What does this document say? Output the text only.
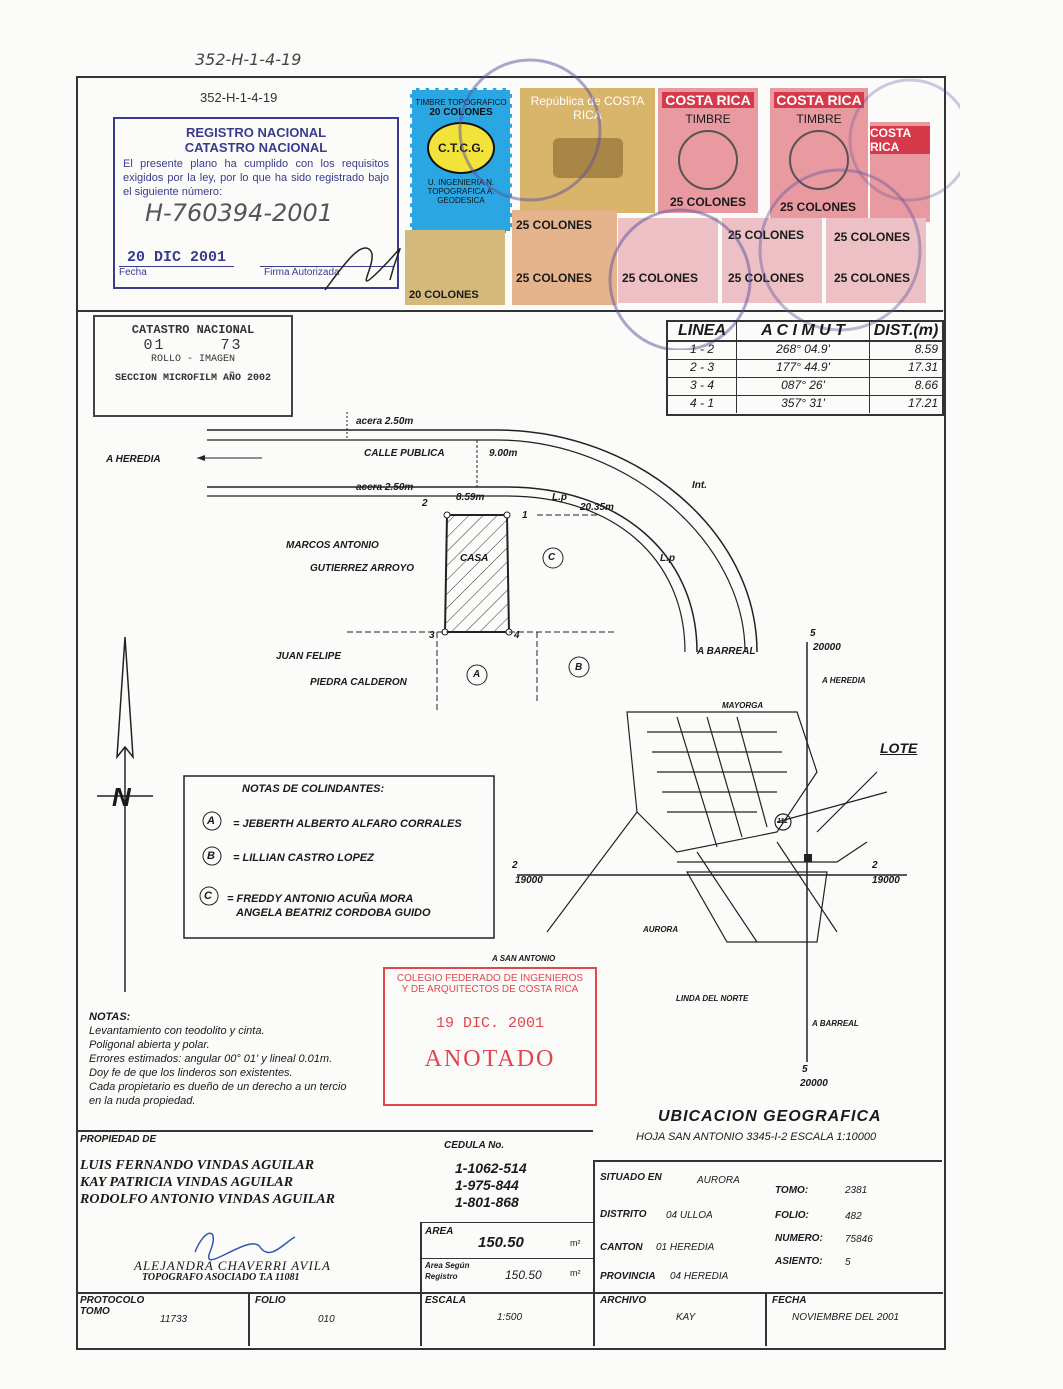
352-H-1-4-19
352-H-1-4-19
REGISTRO NACIONAL
CATASTRO NACIONAL
El presente plano ha cumplido con los requisitos exigidos por la ley, por lo que ha sido registrado bajo el siguiente número:
H-760394-2001
20 DIC 2001
Fecha	Firma Autorizada
TIMBRE TOPOGRAFICO
20 COLONES
C.T.C.G.
U. INGENIERIA N. TOPOGRAFICA A. GEODESICA
20 COLONES
República de COSTA RICA
25 COLONES
25 COLONES
COSTA RICA
TIMBRE
25 COLONES
COSTA RICA
TIMBRE
25 COLONES
COSTA RICA
25 COLONES
25 COLONES
25 COLONES
25 COLONES
25 COLONES
CATASTRO NACIONAL
01	73
ROLLO - IMAGEN
SECCION MICROFILM AÑO 2002
LINEA	A C I M U T	DIST.(m)
1 - 2	268° 04.9'	8.59
2 - 3	177° 44.9'	17.31
3 - 4	087° 26'	8.66
4 - 1	357° 31'	17.21
acera 2.50m
CALLE PUBLICA	9.00m
A HEREDIA
acera 2.50m
8.59m	L.p
20.35m
Int.
L.p
2
1
3	4
CASA	C
A
B
MARCOS ANTONIO
GUTIERREZ ARROYO
JUAN FELIPE
PIEDRA CALDERON
N	NOTAS DE COLINDANTES:
A = JEBERTH ALBERTO ALFARO CORRALES
B = LILLIAN CASTRO LOPEZ
C = FREDDY ANTONIO ACUÑA MORA
ANGELA BEATRIZ CORDOBA GUIDO
A BARREAL
5
20000
A HEREDIA
MAYORGA
LOTE
111
2
19000
2
19000
AURORA
A SAN ANTONIO
LINDA DEL NORTE
A BARREAL
5
20000
UBICACION GEOGRAFICA
HOJA SAN ANTONIO 3345-I-2 ESCALA 1:10000
NOTAS:
Levantamiento con teodolito y cinta.
Poligonal abierta y polar.
Errores estimados: angular 00° 01' y lineal 0.01m.
Doy fe de que los linderos son existentes.
Cada propietario es dueño de un derecho a un tercio
en la nuda propiedad.
COLEGIO FEDERADO DE INGENIEROS
Y DE ARQUITECTOS DE COSTA RICA
19 DIC. 2001
ANOTADO
PROPIEDAD DE
CEDULA No.
LUIS FERNANDO VINDAS AGUILAR	1-1062-514
KAY PATRICIA VINDAS AGUILAR	1-975-844
RODOLFO ANTONIO VINDAS AGUILAR	1-801-868
ALEJANDRA CHAVERRI AVILA
TOPOGRAFO ASOCIADO T.A 11081
AREA
150.50	m²
Area Según
Registro	150.50	m²
SITUADO EN	AURORA
DISTRITO 04 ULLOA
CANTON 01 HEREDIA
PROVINCIA 04 HEREDIA
TOMO:	2381
FOLIO:	482
NUMERO: 75846
ASIENTO: 5
PROTOCOLO
TOMO
11733
FOLIO
010
ESCALA
1:500
ARCHIVO
KAY
FECHA
NOVIEMBRE DEL 2001
